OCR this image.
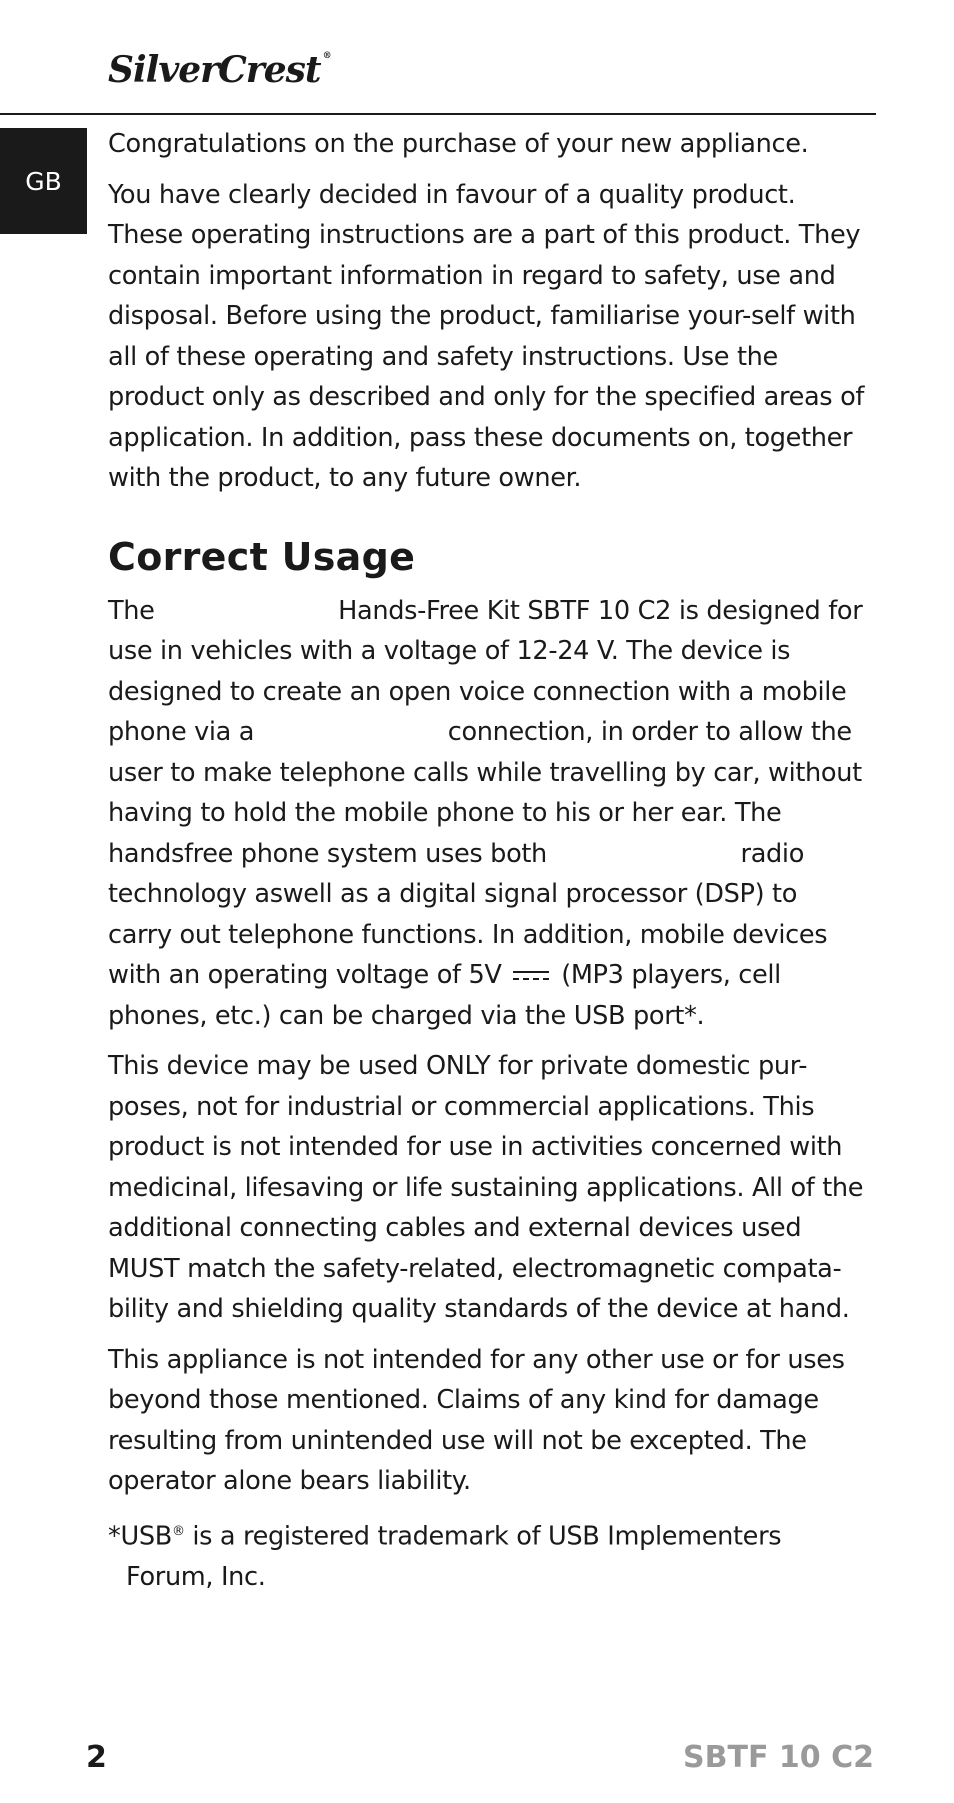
SilverCrest ®
GB

Congratulations on the purchase of your new appliance.

You have clearly decided in favour of a quality product. These operating instructions are a part of this product. They contain important information in regard to safety, use and disposal. Before using the product, familiarise your-self with all of these operating and safety instructions. Use the product only as described and only for the specified areas of application. In addition, pass these documents on, together with the product, to any future owner.

Correct Usage

The	Hands-Free Kit SBTF 10 C2 is designed for use in vehicles with a voltage of 12-24 V. The device is designed to create an open voice connection with a mobile phone via a	connection, in order to allow the user to make telephone calls while travelling by car, without having to hold the mobile phone to his or her ear. The handsfree phone system uses both	radio technology aswell as a digital signal processor (DSP) to carry out telephone functions. In addition, mobile devices with an operating voltage of 5V (MP3 players, cell phones, etc.) can be charged via the USB port*.

This device may be used ONLY for private domestic pur-poses, not for industrial or commercial applications. This product is not intended for use in activities concerned with medicinal, lifesaving or life sustaining applications. All of the additional connecting cables and external devices used MUST match the safety-related, electromagnetic compata-bility and shielding quality standards of the device at hand.

This appliance is not intended for any other use or for uses beyond those mentioned. Claims of any kind for damage resulting from unintended use will not be excepted. The operator alone bears liability.

*USB® is a registered trademark of USB Implementers Forum, Inc.
2	SBTF 10 C2
